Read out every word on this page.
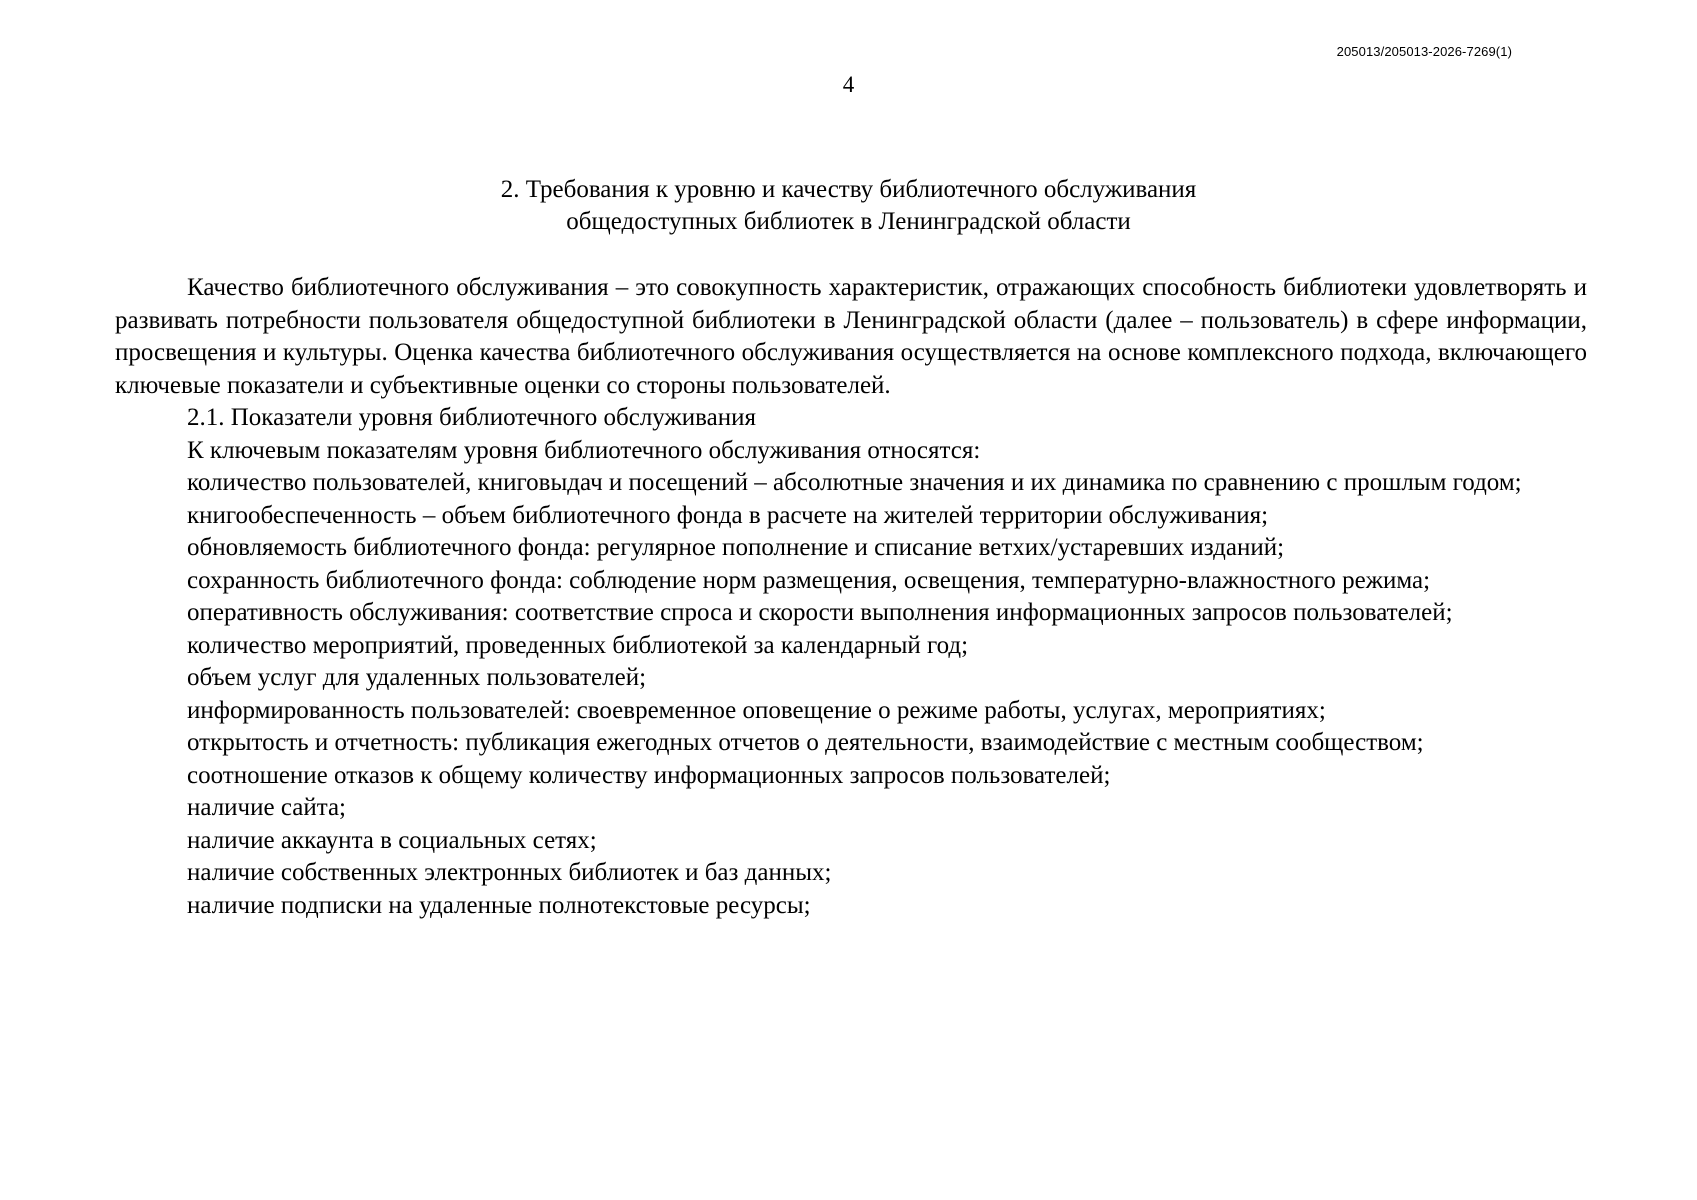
205013/205013-2026-7269(1)
4
2. Требования к уровню и качеству библиотечного обслуживания
общедоступных библиотек в Ленинградской области

Качество библиотечного обслуживания – это совокупность характеристик, отражающих способность библиотеки удовлетворять и развивать потребности пользователя общедоступной библиотеки в Ленинградской области (далее – пользователь) в сфере информации, просвещения и культуры. Оценка качества библиотечного обслуживания осуществляется на основе комплексного подхода, включающего ключевые показатели и субъективные оценки со стороны пользователей.

2.1. Показатели уровня библиотечного обслуживания

К ключевым показателям уровня библиотечного обслуживания относятся:

количество пользователей, книговыдач и посещений – абсолютные значения и их динамика по сравнению с прошлым годом;

книгообеспеченность – объем библиотечного фонда в расчете на жителей территории обслуживания;

обновляемость библиотечного фонда: регулярное пополнение и списание ветхих/устаревших изданий;

сохранность библиотечного фонда: соблюдение норм размещения, освещения, температурно-влажностного режима;

оперативность обслуживания: соответствие спроса и скорости выполнения информационных запросов пользователей;

количество мероприятий, проведенных библиотекой за календарный год;

объем услуг для удаленных пользователей;

информированность пользователей: своевременное оповещение о режиме работы, услугах, мероприятиях;

открытость и отчетность: публикация ежегодных отчетов о деятельности, взаимодействие с местным сообществом;

соотношение отказов к общему количеству информационных запросов пользователей;

наличие сайта;

наличие аккаунта в социальных сетях;

наличие собственных электронных библиотек и баз данных;

наличие подписки на удаленные полнотекстовые ресурсы;
